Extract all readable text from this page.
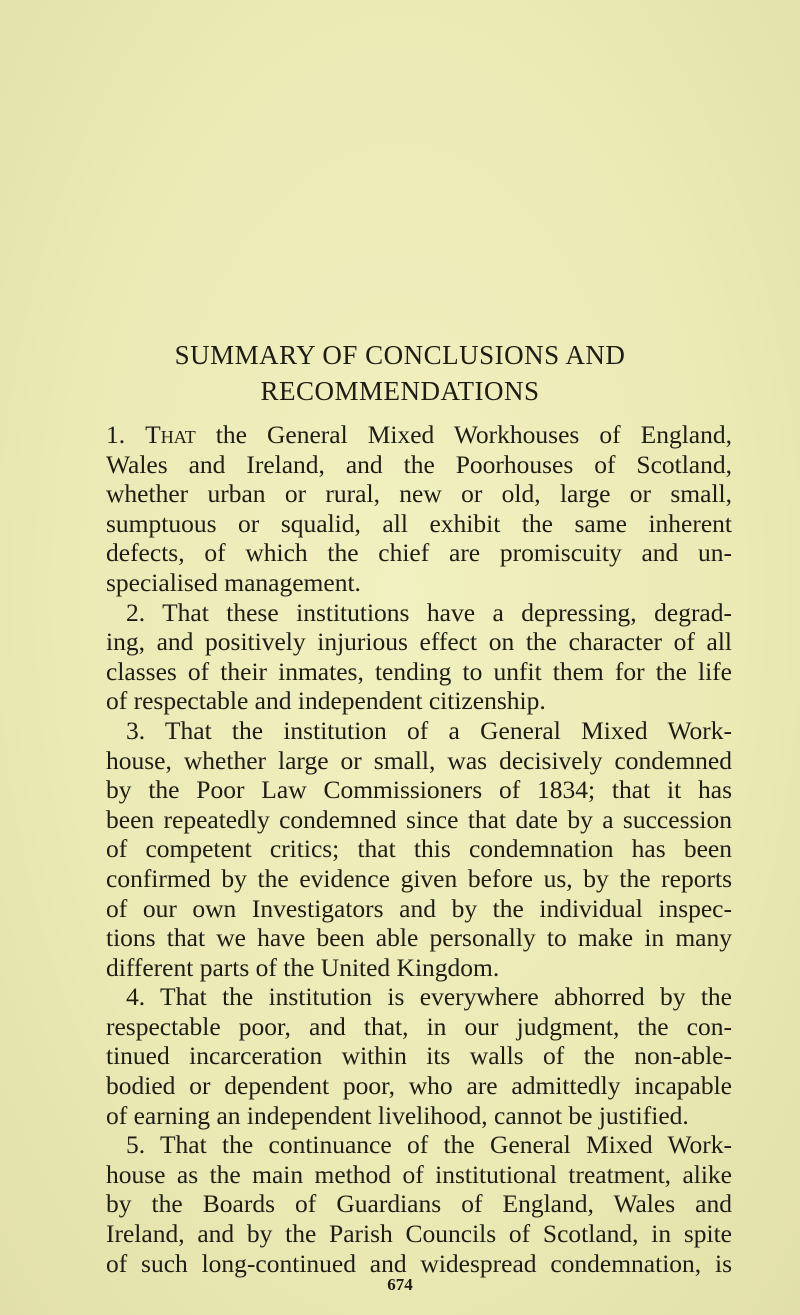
SUMMARY OF CONCLUSIONS AND
RECOMMENDATIONS
1. That the General Mixed Workhouses of England,
Wales and Ireland, and the Poorhouses of Scotland,
whether urban or rural, new or old, large or small,
sumptuous or squalid, all exhibit the same inherent
defects, of which the chief are promiscuity and un-
specialised management.
2. That these institutions have a depressing, degrad-
ing, and positively injurious effect on the character of all
classes of their inmates, tending to unfit them for the life
of respectable and independent citizenship.
3. That the institution of a General Mixed Work-
house, whether large or small, was decisively condemned
by the Poor Law Commissioners of 1834; that it has
been repeatedly condemned since that date by a succession
of competent critics; that this condemnation has been
confirmed by the evidence given before us, by the reports
of our own Investigators and by the individual inspec-
tions that we have been able personally to make in many
different parts of the United Kingdom.
4. That the institution is everywhere abhorred by the
respectable poor, and that, in our judgment, the con-
tinued incarceration within its walls of the non-able-
bodied or dependent poor, who are admittedly incapable
of earning an independent livelihood, cannot be justified.
5. That the continuance of the General Mixed Work-
house as the main method of institutional treatment, alike
by the Boards of Guardians of England, Wales and
Ireland, and by the Parish Councils of Scotland, in spite
of such long-continued and widespread condemnation, is
674
